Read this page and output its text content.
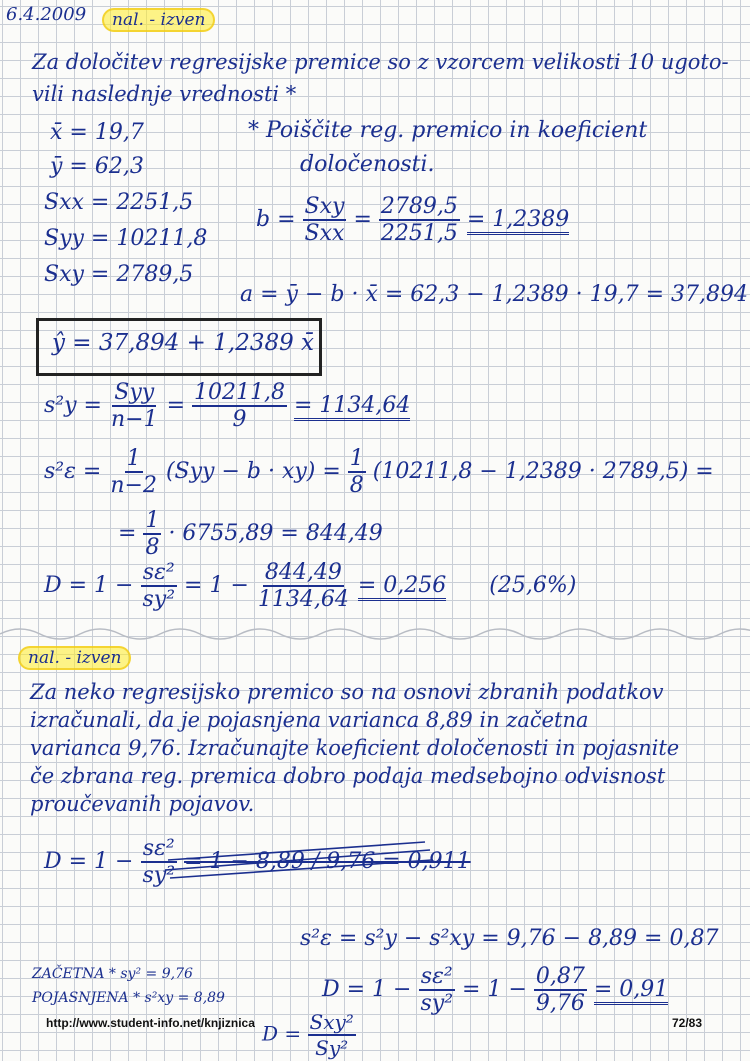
6.4.2009	nal. - izven
Za določitev regresijske premice so z vzorcem velikosti 10 ugoto-
vili naslednje vrednosti *
x̄ = 19,7
ȳ = 62,3
Sxx = 2251,5
Syy = 10211,8
Sxy = 2789,5
* Poiščite reg. premico in koeficient
določenosti.
$b = \frac{\text{Sxy}}{\text{Sxx}} = \frac{2789,5}{2251,5} = 1,2389$
a = ȳ − b · x̄ = 62,3 − 1,2389 · 19,7 = 37,894
ŷ = 37,894 + 1,2389 x̄
$s^2y = \frac{\text{Syy}}{n-1} = \frac{10211,8}{9} = 1134,64$
$s^2\varepsilon = \frac{1}{n-2} (Syy - b \cdot xy) = \frac{1}{8} (10211,8 - 1,2389 \cdot 2789,5)$ =
= $\frac{1}{8} \cdot 6755,89 = 844,49$
$D = 1 - \frac{\text{sε²}}{\text{sy²}} = 1 - \frac{844,49}{1134,64} = 0,256$ (25,6%)
nal. - izven
Za neko regresijsko premico so na osnovi zbranih podatkov
izračunali, da je pojasnjena varianca 8,89 in začetna
varianca 9,76. Izračunajte koeficient določenosti in pojasnite
če zbrana reg. premica dobro podaja medsebojno odvisnost
proučevanih pojavov.
$D = 1 - \frac{\text{sε²}}{\text{sy²}} = 1 - 8,89 / 9,76 = 0,911$
s²ε = s²y − s²xy = 9,76 − 8,89 = 0,87
$D = 1 - \frac{\text{sε²}}{\text{sy²}} = 1 - \frac{0,87}{9,76} = 0,91$
ZAČETNA * sy² = 9,76
POJASNJENA * s²xy = 8,89
$D = \frac{\text{Sxy²}}{\text{Sy²}}$
http://www.student-info.net/knjiznica	72/83
